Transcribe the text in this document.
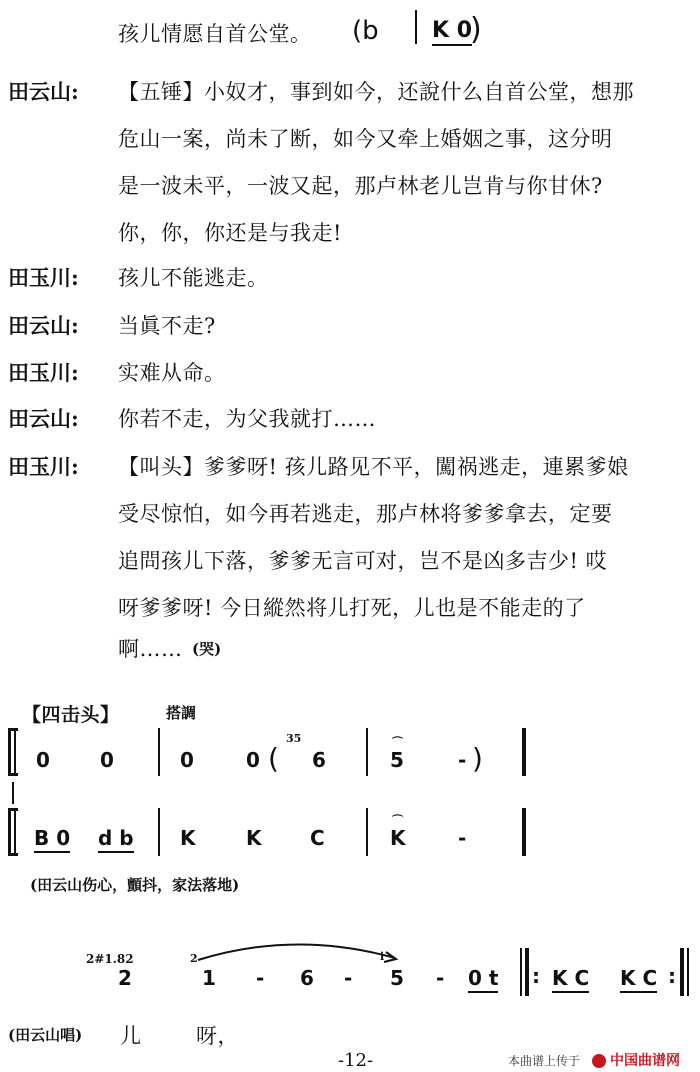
孩儿情愿自首公堂。 (b K 0
)
田云山: 【五锤】小奴才，事到如今，还說什么自首公堂，想那
危山一案，尚未了断，如今又牵上婚姻之事，这分明
是一波未平，一波又起，那卢林老儿岂肯与你甘休?
你，你，你还是与我走!
田玉川: 孩儿不能逃走。
田云山: 当眞不走?
田玉川: 实难从命。
田云山: 你若不走，为父我就打……
田玉川: 【叫头】爹爹呀! 孩儿路见不平，闖祸逃走，連累爹娘
受尽惊怕，如今再若逃走，那卢林将爹爹拿去，定要
追問孩儿下落，爹爹无言可对，岂不是凶多吉少! 哎
呀爹爹呀! 今日縱然将儿打死，儿也是不能走的了
啊…… (哭)
【四击头】	搭調
0	0	0	0 (
35
6
⌒
5	- )
B 0 d b K	K C
⌒
K	-
(田云山伤心，顫抖，家法落地)
2#1.82
2
2
1 - 6 -
i
5 - 0 t : K C K C :
(田云山唱) 儿	呀，
-12-	本曲谱上传于 中国曲谱网
